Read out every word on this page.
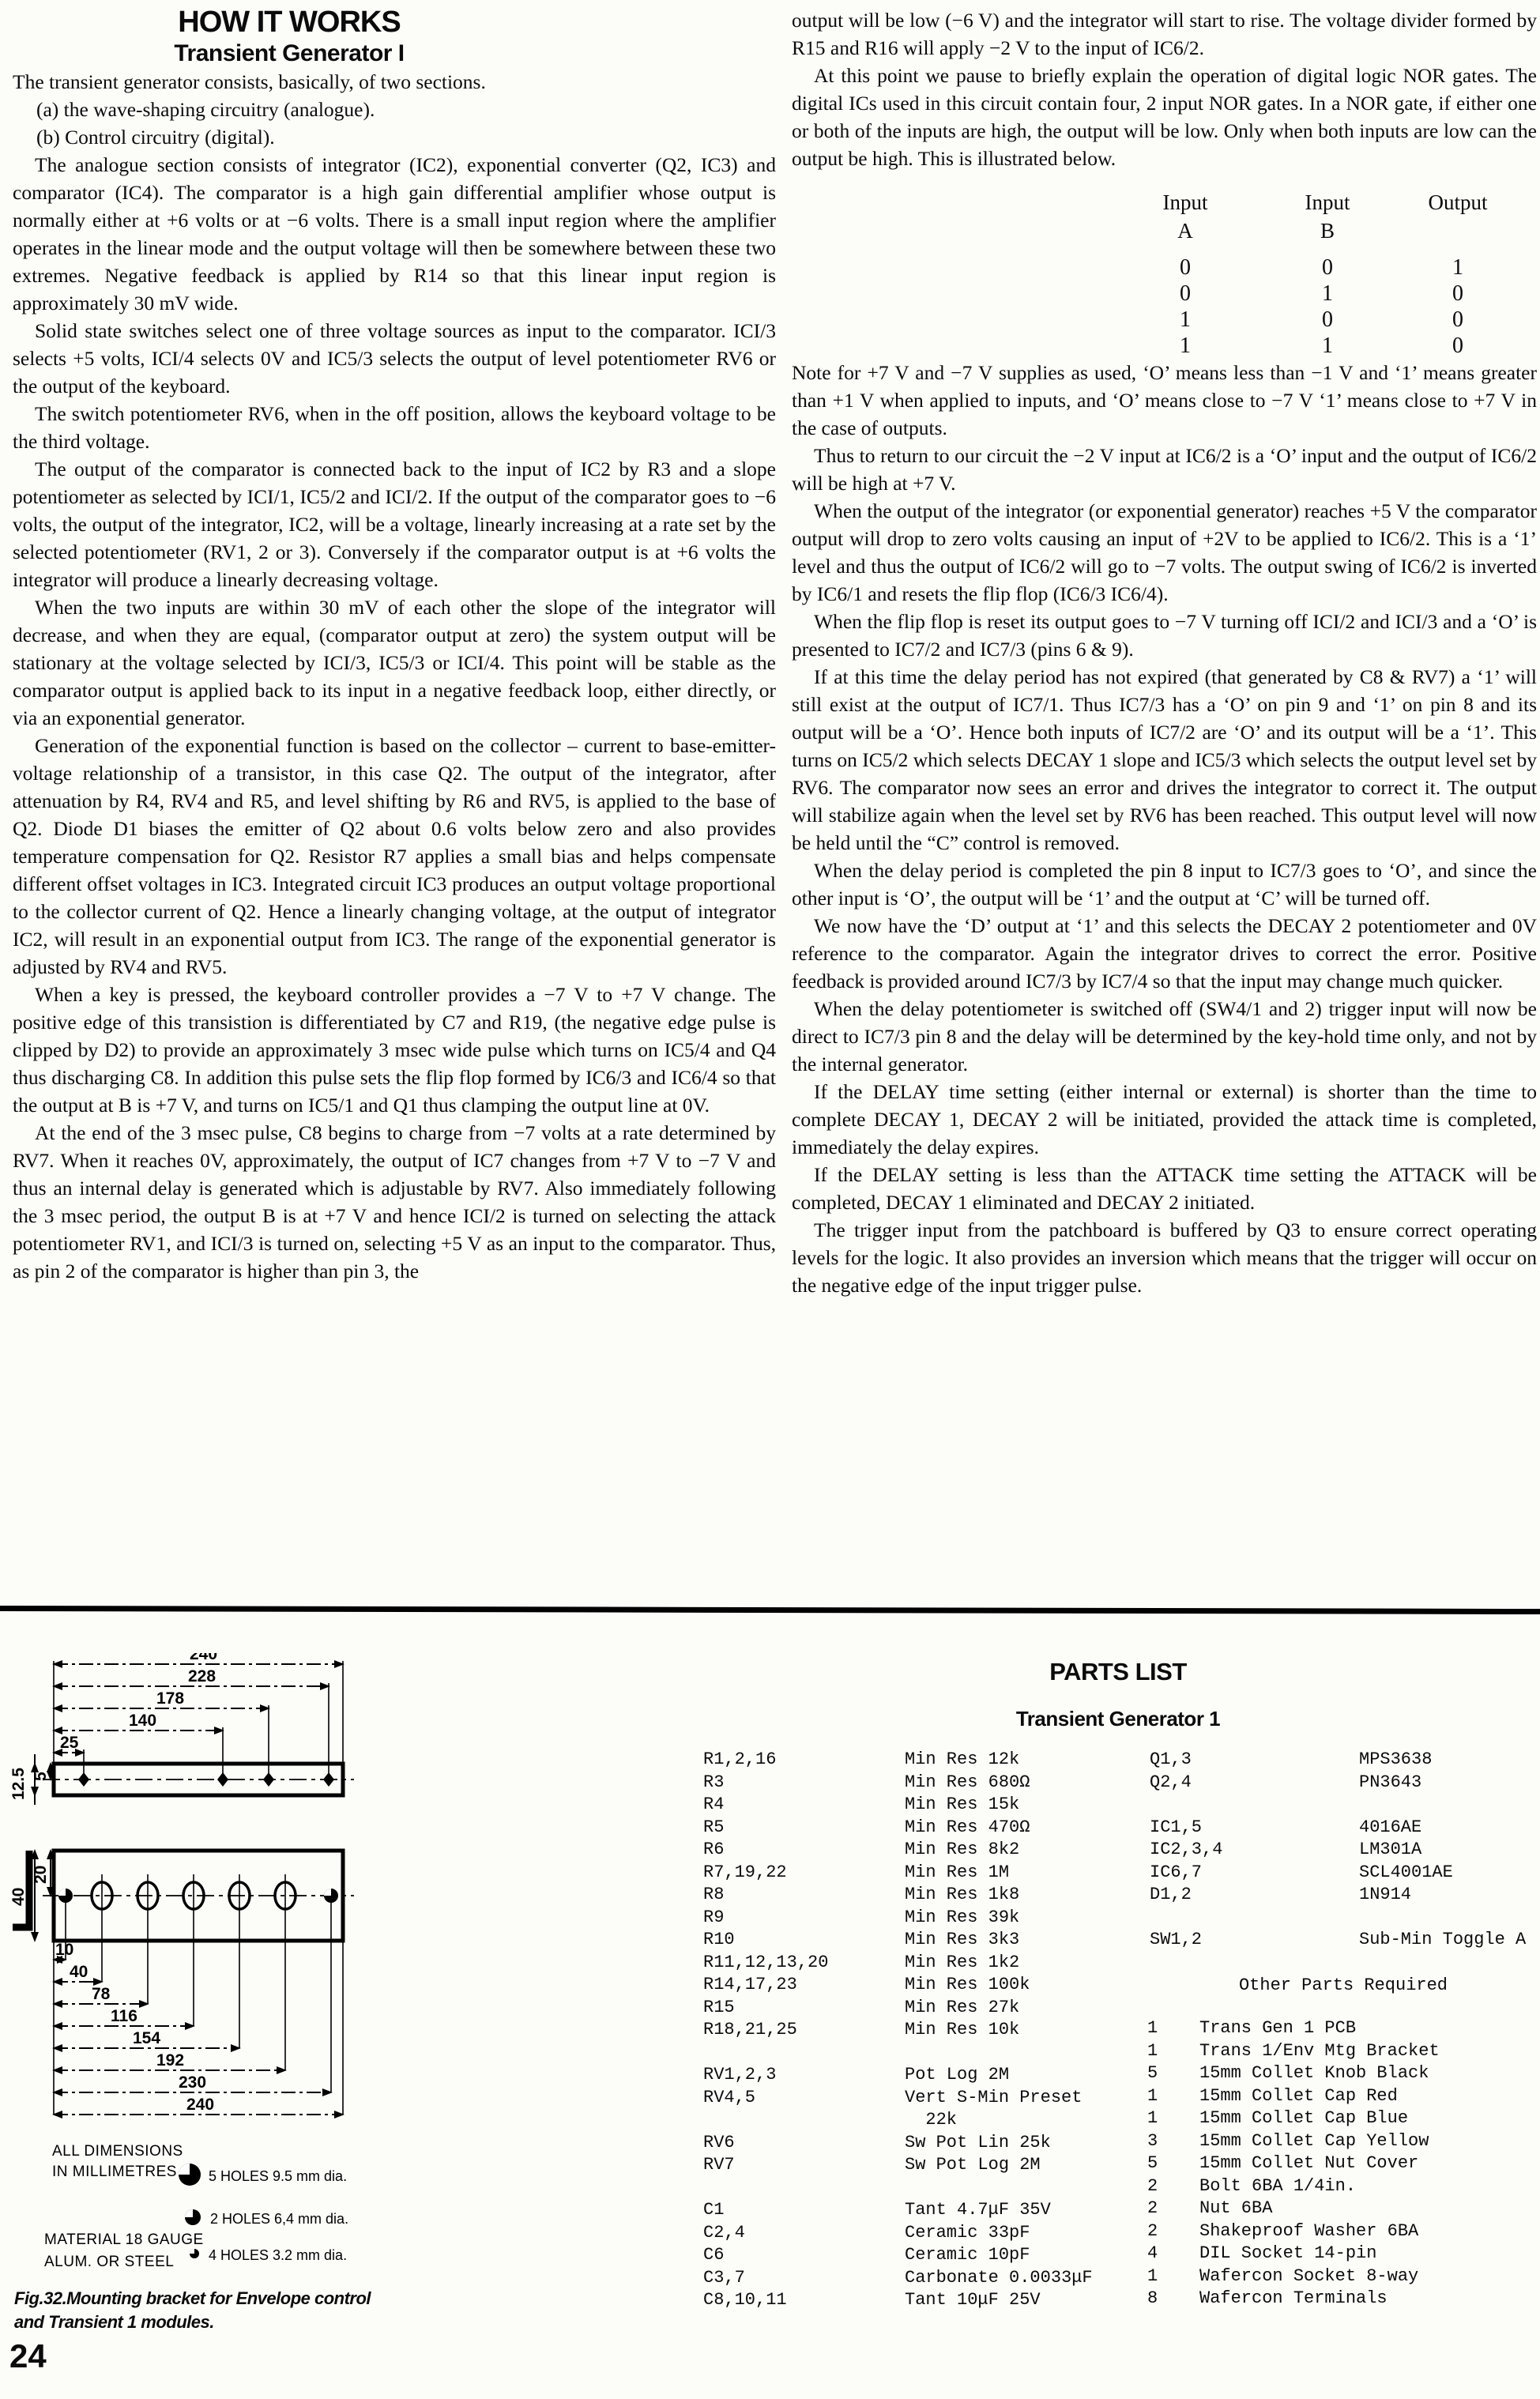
HOW IT WORKS
Transient Generator I

The transient generator consists, basically, of two sections.

(a) the wave-shaping circuitry (analogue).

(b) Control circuitry (digital).

The analogue section consists of integrator (IC2), exponential converter (Q2, IC3) and comparator (IC4). The comparator is a high gain differential amplifier whose output is normally either at +6 volts or at −6 volts. There is a small input region where the amplifier operates in the linear mode and the output voltage will then be somewhere between these two extremes. Negative feedback is applied by R14 so that this linear input region is approximately 30 mV wide.

Solid state switches select one of three voltage sources as input to the comparator. ICI/3 selects +5 volts, ICI/4 selects 0V and IC5/3 selects the output of level potentiometer RV6 or the output of the keyboard.

The switch potentiometer RV6, when in the off position, allows the keyboard voltage to be the third voltage.

The output of the comparator is connected back to the input of IC2 by R3 and a slope potentiometer as selected by ICI/1, IC5/2 and ICI/2. If the output of the comparator goes to −6 volts, the output of the integrator, IC2, will be a voltage, linearly increasing at a rate set by the selected potentiometer (RV1, 2 or 3). Conversely if the comparator output is at +6 volts the integrator will produce a linearly decreasing voltage.

When the two inputs are within 30 mV of each other the slope of the integrator will decrease, and when they are equal, (comparator output at zero) the system output will be stationary at the voltage selected by ICI/3, IC5/3 or ICI/4. This point will be stable as the comparator output is applied back to its input in a negative feedback loop, either directly, or via an exponential generator.

Generation of the exponential function is based on the collector – current to base-emitter-voltage relationship of a transistor, in this case Q2. The output of the integrator, after attenuation by R4, RV4 and R5, and level shifting by R6 and RV5, is applied to the base of Q2. Diode D1 biases the emitter of Q2 about 0.6 volts below zero and also provides temperature compensation for Q2. Resistor R7 applies a small bias and helps compensate different offset voltages in IC3. Integrated circuit IC3 produces an output voltage proportional to the collector current of Q2. Hence a linearly changing voltage, at the output of integrator IC2, will result in an exponential output from IC3. The range of the exponential generator is adjusted by RV4 and RV5.

When a key is pressed, the keyboard controller provides a −7 V to +7 V change. The positive edge of this transistion is differentiated by C7 and R19, (the negative edge pulse is clipped by D2) to provide an approximately 3 msec wide pulse which turns on IC5/4 and Q4 thus discharging C8. In addition this pulse sets the flip flop formed by IC6/3 and IC6/4 so that the output at B is +7 V, and turns on IC5/1 and Q1 thus clamping the output line at 0V.

At the end of the 3 msec pulse, C8 begins to charge from −7 volts at a rate determined by RV7. When it reaches 0V, approximately, the output of IC7 changes from +7 V to −7 V and thus an internal delay is generated which is adjustable by RV7. Also immediately following the 3 msec period, the output B is at +7 V and hence ICI/2 is turned on selecting the attack potentiometer RV1, and ICI/3 is turned on, selecting +5 V as an input to the comparator. Thus, as pin 2 of the comparator is higher than pin 3, the

output will be low (−6 V) and the integrator will start to rise. The voltage divider formed by R15 and R16 will apply −2 V to the input of IC6/2.

At this point we pause to briefly explain the operation of digital logic NOR gates. The digital ICs used in this circuit contain four, 2 input NOR gates. In a NOR gate, if either one or both of the inputs are high, the output will be low. Only when both inputs are low can the output be high. This is illustrated below.

Input	Input	Output
A	B
0	0	1
0	1	0
1	0	0
1	1	0

Note for +7 V and −7 V supplies as used, ‘O’ means less than −1 V and ‘1’ means greater than +1 V when applied to inputs, and ‘O’ means close to −7 V ‘1’ means close to +7 V in the case of outputs.

Thus to return to our circuit the −2 V input at IC6/2 is a ‘O’ input and the output of IC6/2 will be high at +7 V.

When the output of the integrator (or exponential generator) reaches +5 V the comparator output will drop to zero volts causing an input of +2V to be applied to IC6/2. This is a ‘1’ level and thus the output of IC6/2 will go to −7 volts. The output swing of IC6/2 is inverted by IC6/1 and resets the flip flop (IC6/3 IC6/4).

When the flip flop is reset its output goes to −7 V turning off ICI/2 and ICI/3 and a ‘O’ is presented to IC7/2 and IC7/3 (pins 6 & 9).

If at this time the delay period has not expired (that generated by C8 & RV7) a ‘1’ will still exist at the output of IC7/1. Thus IC7/3 has a ‘O’ on pin 9 and ‘1’ on pin 8 and its output will be a ‘O’. Hence both inputs of IC7/2 are ‘O’ and its output will be a ‘1’. This turns on IC5/2 which selects DECAY 1 slope and IC5/3 which selects the output level set by RV6. The comparator now sees an error and drives the integrator to correct it. The output will stabilize again when the level set by RV6 has been reached. This output level will now be held until the “C” control is removed.

When the delay period is completed the pin 8 input to IC7/3 goes to ‘O’, and since the other input is ‘O’, the output will be ‘1’ and the output at ‘C’ will be turned off.

We now have the ‘D’ output at ‘1’ and this selects the DECAY 2 potentiometer and 0V reference to the comparator. Again the integrator drives to correct the error. Positive feedback is provided around IC7/3 by IC7/4 so that the input may change much quicker.

When the delay potentiometer is switched off (SW4/1 and 2) trigger input will now be direct to IC7/3 pin 8 and the delay will be determined by the key-hold time only, and not by the internal generator.

If the DELAY time setting (either internal or external) is shorter than the time to complete DECAY 1, DECAY 2 will be initiated, provided the attack time is completed, immediately the delay expires.

If the DELAY setting is less than the ATTACK time setting the ATTACK will be completed, DECAY 1 eliminated and DECAY 2 initiated.

The trigger input from the patchboard is buffered by Q3 to ensure correct operating levels for the logic. It also provides an inversion which means that the trigger will occur on the negative edge of the input trigger pulse.

240
228
178
140
25
12.5 5
40
20
10
40
78
116
154
192
230
240
ALL DIMENSIONS
IN MILLIMETRES
MATERIAL 18 GAUGE
ALUM. OR STEEL
5 HOLES 9.5 mm dia.
2 HOLES 6,4 mm dia.
4 HOLES 3.2 mm dia.
Fig.32.Mounting bracket for Envelope control and Transient 1 modules.
24
PARTS LIST
Transient Generator 1
R1,2,16	Min Res 12k
R3	Min Res 680Ω
R4	Min Res 15k
R5	Min Res 470Ω
R6	Min Res 8k2
R7,19,22	Min Res 1M
R8	Min Res 1k8
R9	Min Res 39k
R10	Min Res 3k3
R11,12,13,20	Min Res 1k2
R14,17,23	Min Res 100k
R15	Min Res 27k
R18,21,25	Min Res 10k
RV1,2,3	Pot Log 2M
RV4,5	Vert S-Min Preset
22k
RV6	Sw Pot Lin 25k
RV7	Sw Pot Log 2M
C1	Tant 4.7μF 35V
C2,4	Ceramic 33pF
C6	Ceramic 10pF
C3,7	Carbonate 0.0033μF
C8,10,11	Tant 10μF 25V
Q1,3	MPS3638
Q2,4	PN3643
IC1,5	4016AE
IC2,3,4	LM301A
IC6,7	SCL4001AE
D1,2	1N914
SW1,2	Sub-Min Toggle A
Other Parts Required
1	Trans Gen 1 PCB
1	Trans 1/Env Mtg Bracket
5	15mm Collet Knob Black
1	15mm Collet Cap Red
1	15mm Collet Cap Blue
3	15mm Collet Cap Yellow
5	15mm Collet Nut Cover
2	Bolt 6BA 1/4in.
2	Nut 6BA
2	Shakeproof Washer 6BA
4	DIL Socket 14-pin
1	Wafercon Socket 8-way
8	Wafercon Terminals
